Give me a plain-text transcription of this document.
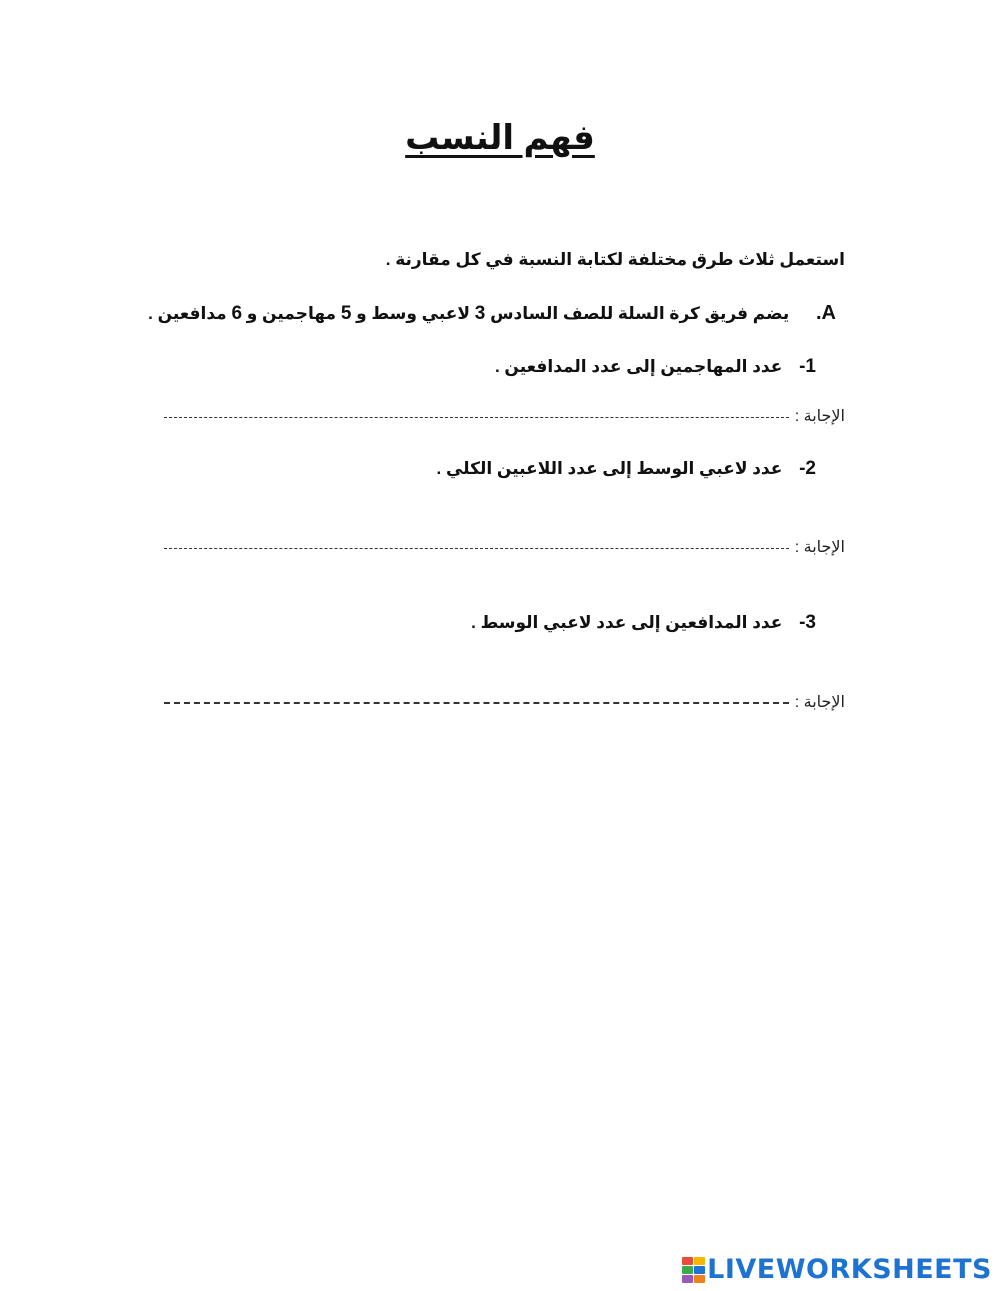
فهم النسب
استعمل ثلاث طرق مختلفة لكتابة النسبة في كل مقارنة .
A. يضم فريق كرة السلة للصف السادس 3 لاعبي وسط و 5 مهاجمين و 6 مدافعين .
1- عدد المهاجمين إلى عدد المدافعين .
الإجابة :
2- عدد لاعبي الوسط إلى عدد اللاعبين الكلي .
الإجابة :
3- عدد المدافعين إلى عدد لاعبي الوسط .
الإجابة :
LIVEWORKSHEETS
